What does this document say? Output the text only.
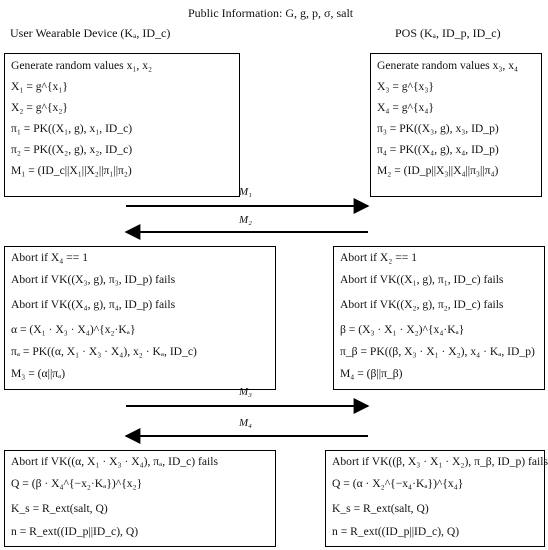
Public Information: G, g, p, σ, salt
User Wearable Device (Kₐ, ID_c)	POS (Kₐ, ID_p, ID_c)
Generate random values x₁, x₂
X₁ = g^{x₁}
X₂ = g^{x₂}
π₁ = PK((X₁, g), x₁, ID_c)
π₂ = PK((X₂, g), x₂, ID_c)
M₁ = (ID_c||X₁||X₂||π₁||π₂)
Generate random values x₃, x₄
X₃ = g^{x₃}
X₄ = g^{x₄}
π₃ = PK((X₃, g), x₃, ID_p)
π₄ = PK((X₄, g), x₄, ID_p)
M₂ = (ID_p||X₃||X₄||π₃||π₄)
Abort if X₄ == 1
Abort if VK((X₃, g), π₃, ID_p) fails
Abort if VK((X₄, g), π₄, ID_p) fails
α = (X₁ · X₃ · X₄)^{x₂·Kₐ}
πₐ = PK((α, X₁ · X₃ · X₄), x₂ · Kₐ, ID_c)
M₃ = (α||πₐ)
Abort if X₂ == 1
Abort if VK((X₁, g), π₁, ID_c) fails
Abort if VK((X₂, g), π₂, ID_c) fails
β = (X₃ · X₁ · X₂)^{x₄·Kₐ}
π_β = PK((β, X₃ · X₁ · X₂), x₄ · Kₐ, ID_p)
M₄ = (β||π_β)
Abort if VK((α, X₁ · X₃ · X₄), πₐ, ID_c) fails
Q = (β · X₄^{−x₂·Kₐ})^{x₂}
K_s = R_ext(salt, Q)
n = R_ext((ID_p||ID_c), Q)
Abort if VK((β, X₃ · X₁ · X₂), π_β, ID_p) fails
Q = (α · X₂^{−x₄·Kₐ})^{x₄}
K_s = R_ext(salt, Q)
n = R_ext((ID_p||ID_c), Q)
M₁
M₂
M₃
M₄
